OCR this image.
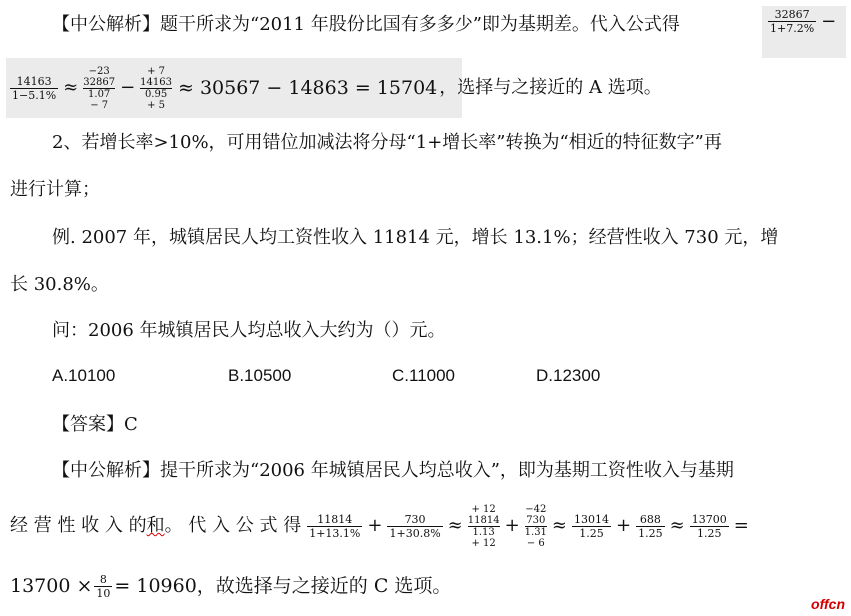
【中公解析】题干所求为“2011 年股份比国有多多少”即为基期差。代入公式得	$\frac{32867}{1+7.2\%}$ −
$\frac{14163}{1-5.1\%}$ ≈
−23
32867
1.07
− 7
−
+ 7
14163
0.95
+ 5
≈ 30567 − 14863 = 15704 ，选择与之接近的 A 选项。
2、若增长率>10%，可用错位加减法将分母“1+增长率”转换为“相近的特征数字”再
进行计算；
例. 2007 年，城镇居民人均工资性收入 11814 元，增长 13.1%；经营性收入 730 元，增
长 30.8%。
问：2006 年城镇居民人均总收入大约为（）元。
A.10100	B.10500	C.11000	D.12300
【答案】C
【中公解析】提干所求为“2006 年城镇居民人均总收入”，即为基期工资性收入与基期
经 营 性 收 入 的 和 。 代 入 公 式 得 $\frac{11814}{1+13.1\%} + \frac{730}{1+30.8\%}$ ≈
+ 12
11814
1.13
+ 12
+
−42
730
1.31
− 6
≈ $\frac{13014}{1.25} + \frac{688}{1.25} \approx \frac{13700}{1.25}$ =
$13700 \times \frac{8}{10} = 10960$，故选择与之接近的 C 选项。
offcn
